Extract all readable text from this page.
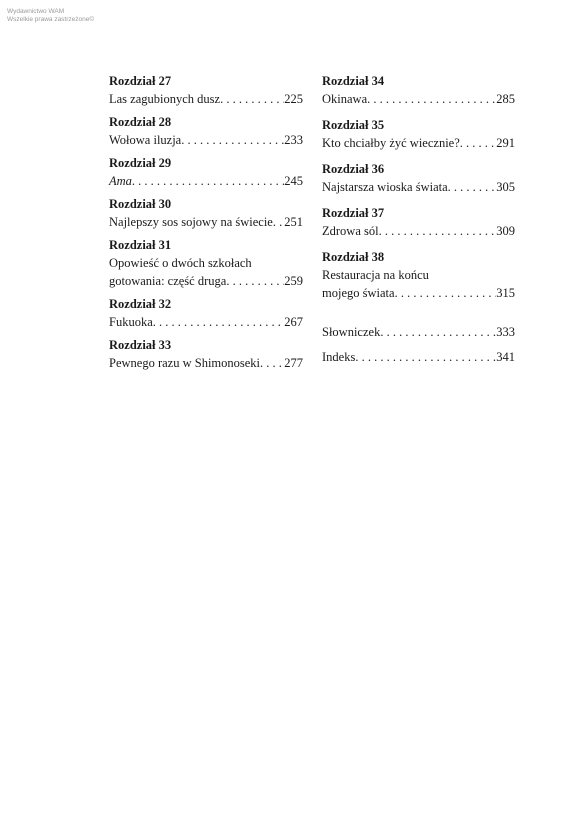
Wydawnictwo WAM
Wszelkie prawa zastrzeżone©
Rozdział 27
Las zagubionych dusz . . .	225
Rozdział 28
Wołowa iluzja . . .	233
Rozdział 29
Ama . . .	245
Rozdział 30
Najlepszy sos sojowy na świecie . . . 251
Rozdział 31
Opowieść o dwóch szkołach
gotowania: część druga . . .	259
Rozdział 32
Fukuoka . . .	267
Rozdział 33
Pewnego razu w Shimonoseki . . . 277
Rozdział 34
Okinawa . . .	285
Rozdział 35
Kto chciałby żyć wiecznie? . . .	291
Rozdział 36
Najstarsza wioska świata . . .	305
Rozdział 37
Zdrowa sól . . .	309
Rozdział 38
Restauracja na końcu
mojego świata . . .	315
Słowniczek . . .	333
Indeks . . .	341
